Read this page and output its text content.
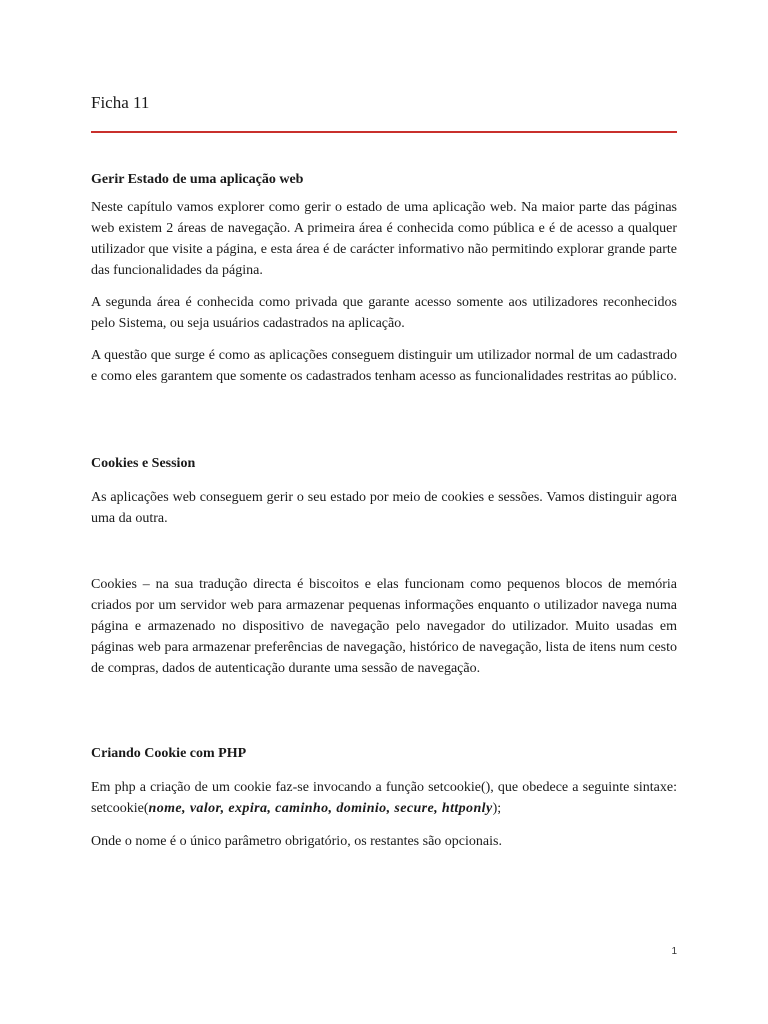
Ficha 11
Gerir Estado de uma aplicação web

Neste capítulo vamos explorer como gerir o estado de uma aplicação web. Na maior parte das páginas web existem 2 áreas de navegação. A primeira área é conhecida como pública e é de acesso a qualquer utilizador que visite a página, e esta área é de carácter informativo não permitindo explorar grande parte das funcionalidades da página.

A segunda área é conhecida como privada que garante acesso somente aos utilizadores reconhecidos pelo Sistema, ou seja usuários cadastrados na aplicação.

A questão que surge é como as aplicações conseguem distinguir um utilizador normal de um cadastrado e como eles garantem que somente os cadastrados tenham acesso as funcionalidades restritas ao público.

Cookies e Session

As aplicações web conseguem gerir o seu estado por meio de cookies e sessões. Vamos distinguir agora uma da outra.

Cookies – na sua tradução directa é biscoitos e elas funcionam como pequenos blocos de memória criados por um servidor web para armazenar pequenas informações enquanto o utilizador navega numa página e armazenado no dispositivo de navegação pelo navegador do utilizador. Muito usadas em páginas web para armazenar preferências de navegação, histórico de navegação, lista de itens num cesto de compras, dados de autenticação durante uma sessão de navegação.

Criando Cookie com PHP

Em php a criação de um cookie faz-se invocando a função setcookie(), que obedece a seguinte sintaxe: setcookie(nome, valor, expira, caminho, dominio, secure, httponly);

Onde o nome é o único parâmetro obrigatório, os restantes são opcionais.

1
